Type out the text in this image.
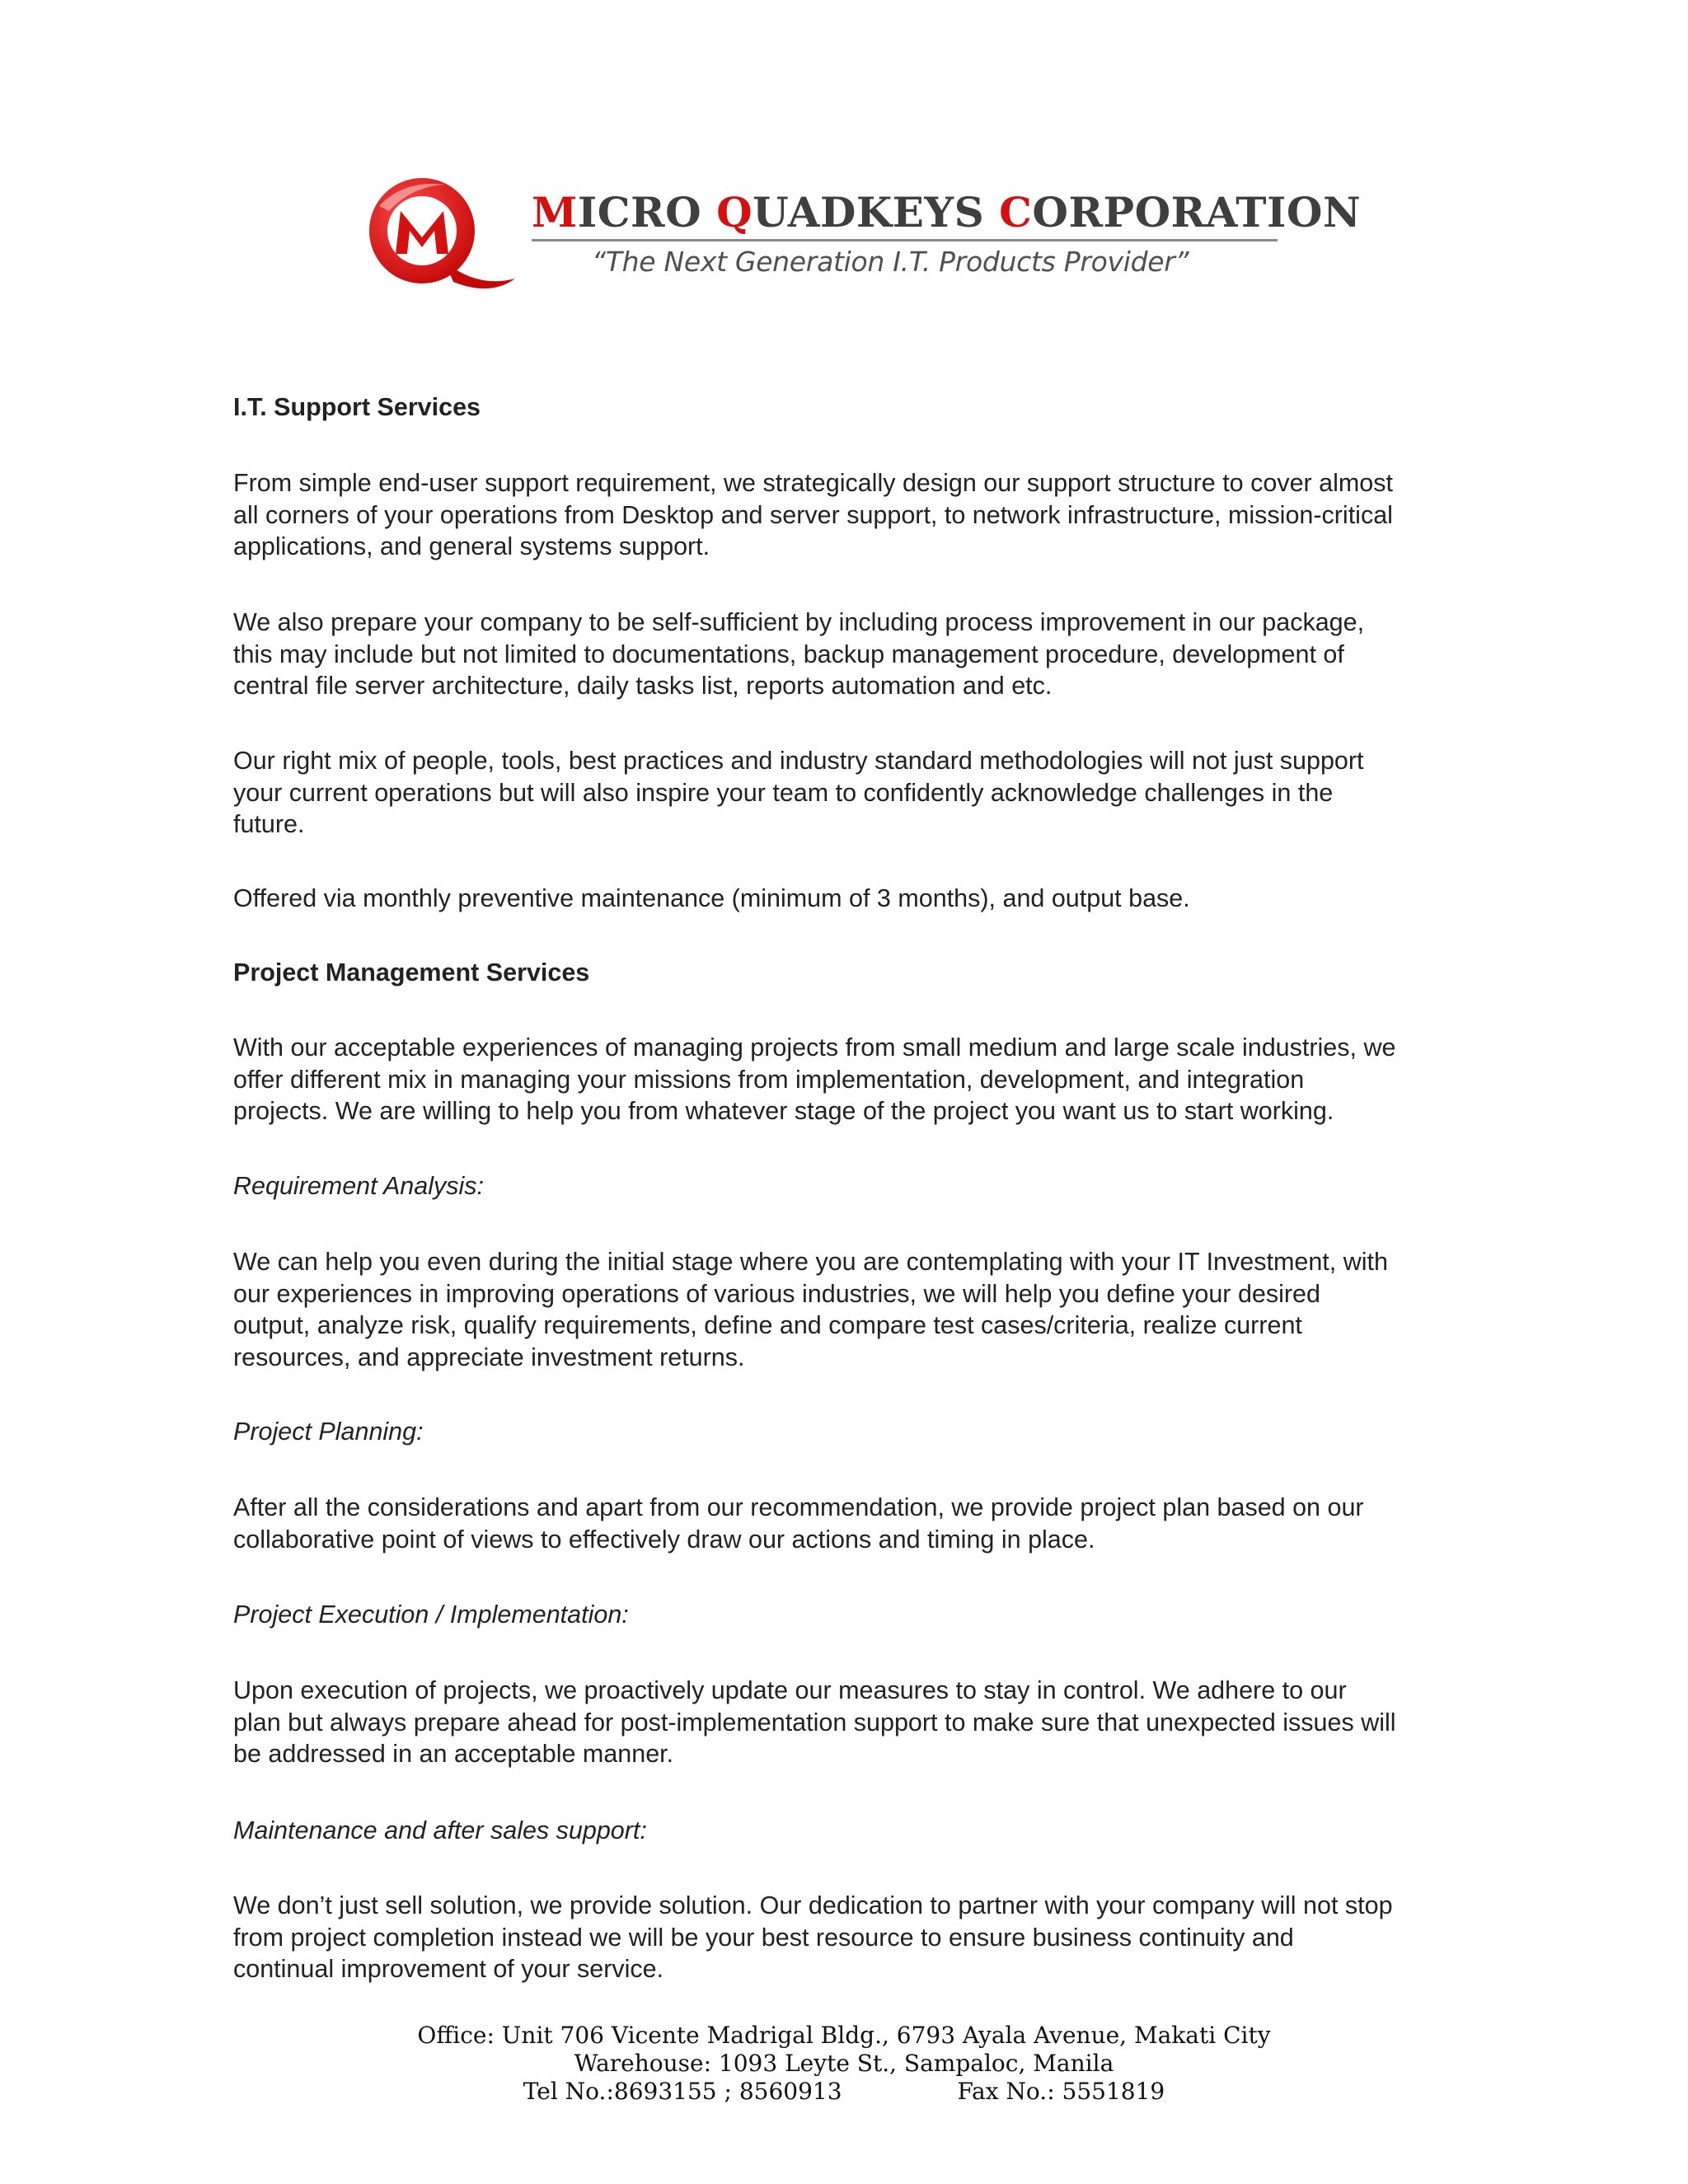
MICRO QUADKEYS CORPORATION
“The Next Generation I.T. Products Provider”
I.T. Support Services
From simple end-user support requirement, we strategically design our support structure to cover almost
all corners of your operations from Desktop and server support, to network infrastructure, mission-critical
applications, and general systems support.
We also prepare your company to be self-sufficient by including process improvement in our package,
this may include but not limited to documentations, backup management procedure, development of
central file server architecture, daily tasks list, reports automation and etc.
Our right mix of people, tools, best practices and industry standard methodologies will not just support
your current operations but will also inspire your team to confidently acknowledge challenges in the
future.
Offered via monthly preventive maintenance (minimum of 3 months), and output base.
Project Management Services
With our acceptable experiences of managing projects from small medium and large scale industries, we
offer different mix in managing your missions from implementation, development, and integration
projects. We are willing to help you from whatever stage of the project you want us to start working.
Requirement Analysis:
We can help you even during the initial stage where you are contemplating with your IT Investment, with
our experiences in improving operations of various industries, we will help you define your desired
output, analyze risk, qualify requirements, define and compare test cases/criteria, realize current
resources, and appreciate investment returns.
Project Planning:
After all the considerations and apart from our recommendation, we provide project plan based on our
collaborative point of views to effectively draw our actions and timing in place.
Project Execution / Implementation:
Upon execution of projects, we proactively update our measures to stay in control. We adhere to our
plan but always prepare ahead for post-implementation support to make sure that unexpected issues will
be addressed in an acceptable manner.
Maintenance and after sales support:
We don’t just sell solution, we provide solution. Our dedication to partner with your company will not stop
from project completion instead we will be your best resource to ensure business continuity and
continual improvement of your service.
Office: Unit 706 Vicente Madrigal Bldg., 6793 Ayala Avenue, Makati City
Warehouse: 1093 Leyte St., Sampaloc, Manila
Tel No.:8693155 ; 8560913	Fax No.: 5551819
